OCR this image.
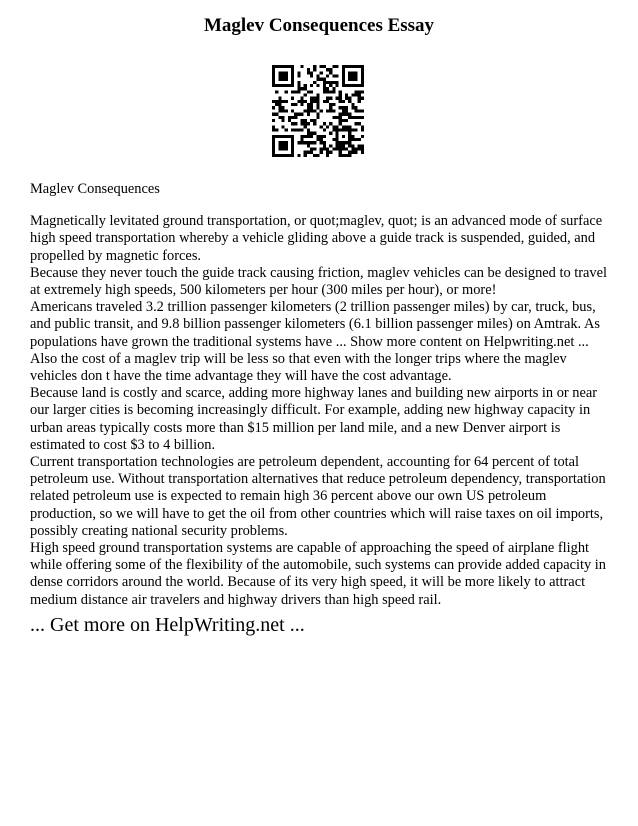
Maglev Consequences Essay

Maglev Consequences

Magnetically levitated ground transportation, or quot;maglev, quot; is an advanced mode of surface high speed transportation whereby a vehicle gliding above a guide track is suspended, guided, and propelled by magnetic forces.

Because they never touch the guide track causing friction, maglev vehicles can be designed to travel at extremely high speeds, 500 kilometers per hour (300 miles per hour), or more!

Americans traveled 3.2 trillion passenger kilometers (2 trillion passenger miles) by car, truck, bus, and public transit, and 9.8 billion passenger kilometers (6.1 billion passenger miles) on Amtrak. As populations have grown the traditional systems have ... Show more content on Helpwriting.net ...

Also the cost of a maglev trip will be less so that even with the longer trips where the maglev vehicles don t have the time advantage they will have the cost advantage.

Because land is costly and scarce, adding more highway lanes and building new airports in or near our larger cities is becoming increasingly difficult. For example, adding new highway capacity in urban areas typically costs more than $15 million per land mile, and a new Denver airport is estimated to cost $3 to 4 billion.

Current transportation technologies are petroleum dependent, accounting for 64 percent of total petroleum use. Without transportation alternatives that reduce petroleum dependency, transportation related petroleum use is expected to remain high 36 percent above our own US petroleum production, so we will have to get the oil from other countries which will raise taxes on oil imports, possibly creating national security problems.

High speed ground transportation systems are capable of approaching the speed of airplane flight while offering some of the flexibility of the automobile, such systems can provide added capacity in dense corridors around the world. Because of its very high speed, it will be more likely to attract medium distance air travelers and highway drivers than high speed rail.

... Get more on HelpWriting.net ...
